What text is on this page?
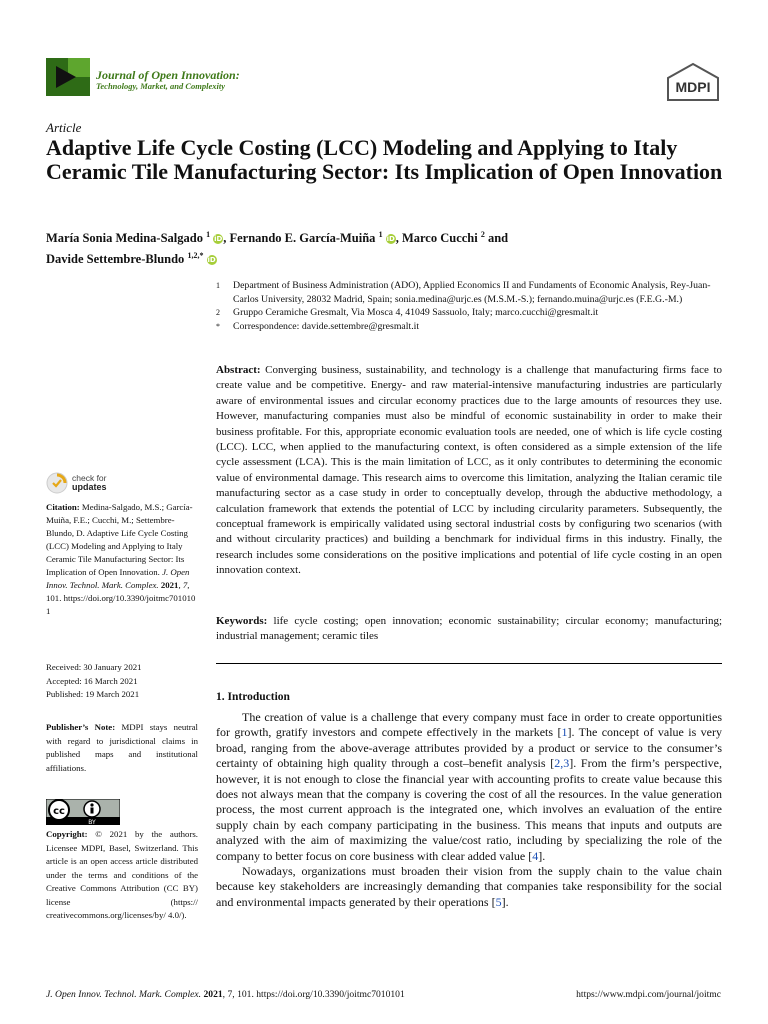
Journal of Open Innovation:
Technology, Market, and Complexity	MDPI
Article
Adaptive Life Cycle Costing (LCC) Modeling and Applying to Italy Ceramic Tile Manufacturing Sector: Its Implication of Open Innovation
María Sonia Medina-Salgado $^1$ iD, Fernando E. García-Muiña $^1$ iD, Marco Cucchi $^2$ and
Davide Settembre-Blundo $^{1,2,*}$ iD
1	Department of Business Administration (ADO), Applied Economics II and Fundaments of Economic Analysis, Rey-Juan-Carlos University, 28032 Madrid, Spain; sonia.medina@urjc.es (M.S.M.-S.); fernando.muina@urjc.es (F.E.G.-M.)
2	Gruppo Ceramiche Gresmalt, Via Mosca 4, 41049 Sassuolo, Italy; marco.cucchi@gresmalt.it
*	Correspondence: davide.settembre@gresmalt.it
Abstract: Converging business, sustainability, and technology is a challenge that manufacturing firms face to create value and be competitive. Energy- and raw material-intensive manufacturing industries are particularly aware of environmental issues and circular economy practices due to the large amounts of resources they use. However, manufacturing companies must also be mindful of economic sustainability in order to make their business profitable. For this, appropriate economic evaluation tools are needed, one of which is life cycle costing (LCC). LCC, when applied to the manufacturing context, is often considered as a simple extension of the life cycle assessment (LCA). This is the main limitation of LCC, as it only contributes to determining the economic value of environmental damage. This research aims to overcome this limitation, analyzing the Italian ceramic tile manufacturing sector as a case study in order to conceptually develop, through the abductive methodology, a calculation framework that extends the potential of LCC by including circularity parameters. Subsequently, the conceptual framework is empirically validated using sectoral industrial costs by configuring two scenarios (with and without circularity practices) and building a benchmark for individual firms in this industry. Finally, the research includes some considerations on the positive implications and potential of life cycle costing in an open innovation context.
Keywords: life cycle costing; open innovation; economic sustainability; circular economy; manufacturing; industrial management; ceramic tiles
1. Introduction

The creation of value is a challenge that every company must face in order to create opportunities for growth, gratify investors and compete effectively in the markets [1]. The concept of value is very broad, ranging from the above-average attributes provided by a product or service to the consumer’s certainty of obtaining high quality through a cost–benefit analysis [2,3]. From the firm’s perspective, however, it is not enough to close the financial year with accounting profits to create value because this does not always mean that the company is covering the cost of all the resources. In the value generation process, the most current approach is the integrated one, which involves an evaluation of the entire supply chain by each company participating in the business. This means that inputs and outputs are analyzed with the aim of maximizing the value/cost ratio, including by specializing the role of the company to better focus on core business with clear added value [4].

Nowadays, organizations must broaden their vision from the supply chain to the value chain because key stakeholders are increasingly demanding that companies take responsibility for the social and environmental impacts generated by their operations [5].

check for
updates
Citation: Medina-Salgado, M.S.; García-Muiña, F.E.; Cucchi, M.; Settembre-Blundo, D. Adaptive Life Cycle Costing (LCC) Modeling and Applying to Italy Ceramic Tile Manufacturing Sector: Its Implication of Open Innovation. J. Open Innov. Technol. Mark. Complex. 2021, 7, 101. https://doi.org/10.3390/joitmc7010101
Received: 30 January 2021
Accepted: 16 March 2021
Published: 19 March 2021
Publisher’s Note: MDPI stays neutral with regard to jurisdictional claims in published maps and institutional affiliations.
cc
BY
Copyright: © 2021 by the authors. Licensee MDPI, Basel, Switzerland. This article is an open access article distributed under the terms and conditions of the Creative Commons Attribution (CC BY) license (https:// creativecommons.org/licenses/by/ 4.0/).
J. Open Innov. Technol. Mark. Complex. 2021, 7, 101. https://doi.org/10.3390/joitmc7010101	https://www.mdpi.com/journal/joitmc
